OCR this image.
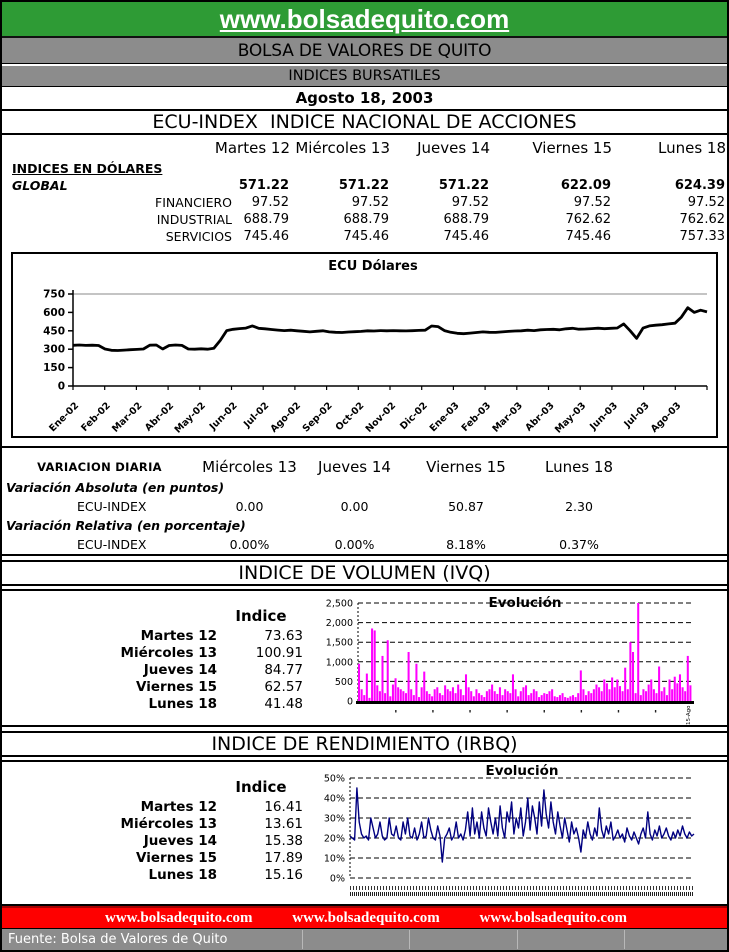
www.bolsadequito.com
BOLSA DE VALORES DE QUITO
INDICES BURSATILES
Agosto 18, 2003
ECU-INDEX  INDICE NACIONAL DE ACCIONES
Martes 12 Miércoles 13	Jueves 14	Viernes 15	Lunes 18
INDICES EN DÓLARES
GLOBAL	571.22	571.22	571.22	622.09	624.39
FINANCIERO	97.52	97.52	97.52	97.52	97.52
INDUSTRIAL 688.79	688.79	688.79	762.62	762.62
SERVICIOS 745.46	745.46	745.46	745.46	757.33
ECU Dólares
0
150
300
450
600
750
Ene-02
Feb-02
Mar-02
Abr-02
May-02 Jun-02 Jul-02
Ago-02
Sep-02
Oct-02
Nov-02 Dic-02
Ene-03
Feb-03
Mar-03
Abr-03
May-03 Jun-03 Jul-03
Ago-03
VARIACION DIARIA	Miércoles 13	Jueves 14	Viernes 15	Lunes 18
Variación Absoluta (en puntos)
ECU-INDEX	0.00	0.00	50.87	2.30
Variación Relativa (en porcentaje)
ECU-INDEX	0.00%	0.00%	8.18%	0.37%
INDICE DE VOLUMEN (IVQ)
Indice
Martes 12	73.63
Miércoles 13	100.91
Jueves 14	84.77
Viernes 15	62.57
Lunes 18	41.48	0
500
1,000
1,500
2,000
2,500	Evolución
15-Ago
INDICE DE RENDIMIENTO (IRBQ)
Indice
Martes 12	16.41
Miércoles 13	13.61
Jueves 14	15.38
Viernes 15	17.89
Lunes 18	15.16	0%
10%
20%
30%
40%
50%	Evolución
www.bolsadequito.com	www.bolsadequito.com	www.bolsadequito.com
Fuente: Bolsa de Valores de Quito
